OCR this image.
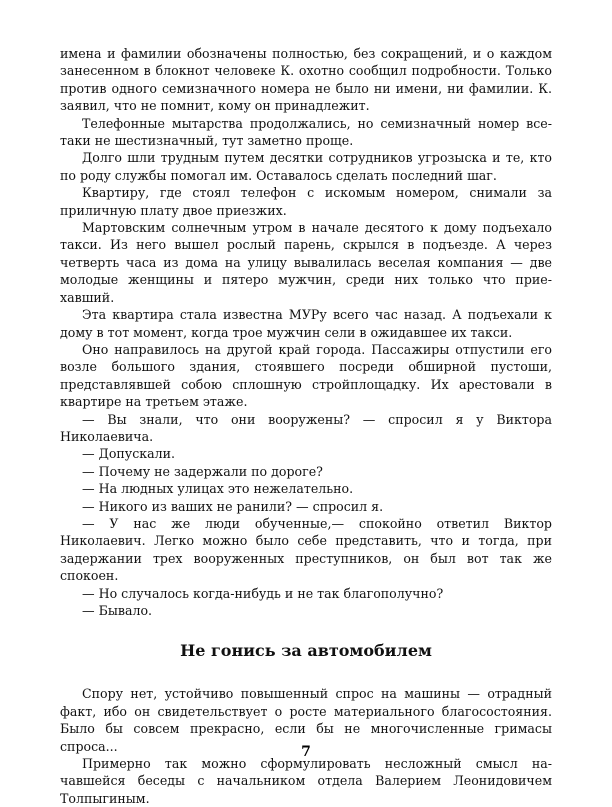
имена и фамилии обозначены полностью, без сокращений, и о каждом занесенном в блокнот человеке К. охотно сообщил подробности. Только против одного семизначного номера не было ни имени, ни фамилии. К. заявил, что не помнит, кому он принадлежит.

Телефонные мытарства продолжались, но семизначный номер все-таки не шестизначный, тут заметно проще.

Долго шли трудным путем десятки сотрудников угрозыска и те, кто по роду службы помогал им. Оставалось сделать последний шаг.

Квартиру, где стоял телефон с искомым номером, снимали за приличную плату двое приезжих.

Мартовским солнечным утром в начале десятого к дому подъехало такси. Из него вышел рослый парень, скрылся в подъезде. А через четверть часа из дома на улицу вывалилась веселая компания — две молодые женщины и пятеро мужчин, среди них только что прие-хавший.

Эта квартира стала известна МУРу всего час назад. А подъехали к дому в тот момент, когда трое мужчин сели в ожидавшее их такси.

Оно направилось на другой край города. Пассажиры отпустили его возле большого здания, стоявшего посреди обширной пустоши, представлявшей собою сплошную стройплощадку. Их арестовали в квартире на третьем этаже.

— Вы знали, что они вооружены? — спросил я у Виктора Николаевича.

— Допускали.

— Почему не задержали по дороге?

— На людных улицах это нежелательно.

— Никого из ваших не ранили? — спросил я.

— У нас же люди обученные,— спокойно ответил Виктор Николаевич. Легко можно было себе представить, что и тогда, при задержании трех вооруженных преступников, он был вот так же спокоен.

— Но случалось когда-нибудь и не так благополучно?

— Бывало.

Не гонись за автомобилем

Спору нет, устойчиво повышенный спрос на машины — отрадный факт, ибо он свидетельствует о росте материального благосостояния. Было бы совсем прекрасно, если бы не многочисленные гримасы спроса...

Примерно так можно сформулировать несложный смысл на-чавшейся беседы с начальником отдела Валерием Леонидовичем Толпыгиным.

7
